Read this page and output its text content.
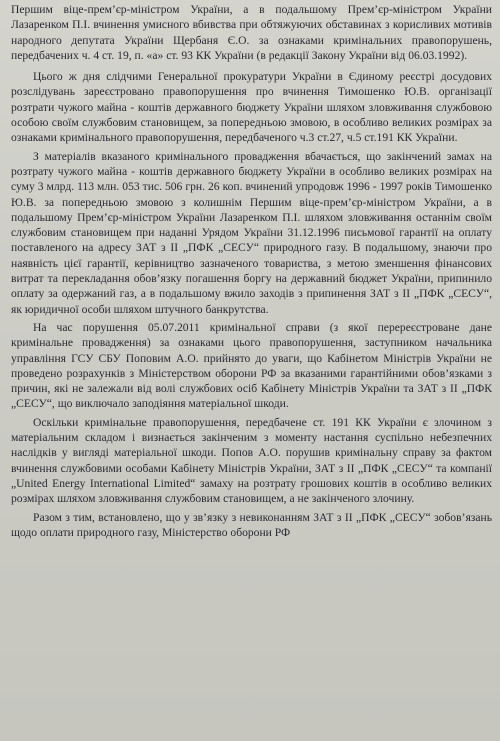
Першим віце-прем’єр-міністром України, а в подальшому Прем’єр-міністром України Лазаренком П.І. вчинення умисного вбивства при обтяжуючих обставинах з корисливих мотивів народного депутата України Щербаня Є.О. за ознаками кримінальних правопорушень, передбачених ч. 4 ст. 19, п. «а» ст. 93 КК України (в редакції Закону України від 06.03.1992).

Цього ж дня слідчими Генеральної прокуратури України в Єдиному реєстрі досудових розслідувань зареєстровано правопорушення про вчинення Тимошенко Ю.В. організації розтрати чужого майна - коштів державного бюджету України шляхом зловживання службовою особою своїм службовим становищем, за попередньою змовою, в особливо великих розмірах за ознаками кримінального правопорушення, передбаченого ч.3 ст.27, ч.5 ст.191 КК України.

З матеріалів вказаного кримінального провадження вбачається, що закінчений замах на розтрату чужого майна - коштів державного бюджету України в особливо великих розмірах на суму 3 млрд. 113 млн. 053 тис. 506 грн. 26 коп. вчинений упродовж 1996 - 1997 років Тимошенко Ю.В. за попередньою змовою з колишнім Першим віце-прем’єр-міністром України, а в подальшому Прем’єр-міністром України Лазаренком П.І. шляхом зловживання останнім своїм службовим становищем при наданні Урядом України 31.12.1996 письмової гарантії на оплату поставленого на адресу ЗАТ з ІІ „ПФК „СЕСУ“ природного газу. В подальшому, знаючи про наявність цієї гарантії, керівництво зазначеного товариства, з метою зменшення фінансових витрат та перекладання обов’язку погашення боргу на державний бюджет України, припинило оплату за одержаний газ, а в подальшому вжило заходів з припинення ЗАТ з ІІ „ПФК „СЕСУ“, як юридичної особи шляхом штучного банкрутства.

На час порушення 05.07.2011 кримінальної справи (з якої перереєстроване дане кримінальне провадження) за ознаками цього правопорушення, заступником начальника управління ГСУ СБУ Поповим А.О. прийнято до уваги, що Кабінетом Міністрів України не проведено розрахунків з Міністерством оборони РФ за вказаними гарантійними обов’язками з причин, які не залежали від волі службових осіб Кабінету Міністрів України та ЗАТ з ІІ „ПФК „СЕСУ“, що виключало заподіяння матеріальної шкоди.

Оскільки кримінальне правопорушення, передбачене ст. 191 КК України є злочином з матеріальним складом і визнається закінченим з моменту настання суспільно небезпечних наслідків у вигляді матеріальної шкоди. Попов А.О. порушив кримінальну справу за фактом вчинення службовими особами Кабінету Міністрів України, ЗАТ з ІІ „ПФК „СЕСУ“ та компанії „United Energy International Limited“ замаху на розтрату грошових коштів в особливо великих розмірах шляхом зловживання службовим становищем, а не закінченого злочину.

Разом з тим, встановлено, що у зв’язку з невиконанням ЗАТ з ІІ „ПФК „СЕСУ“ зобов’язань щодо оплати природного газу, Міністерство оборони РФ
